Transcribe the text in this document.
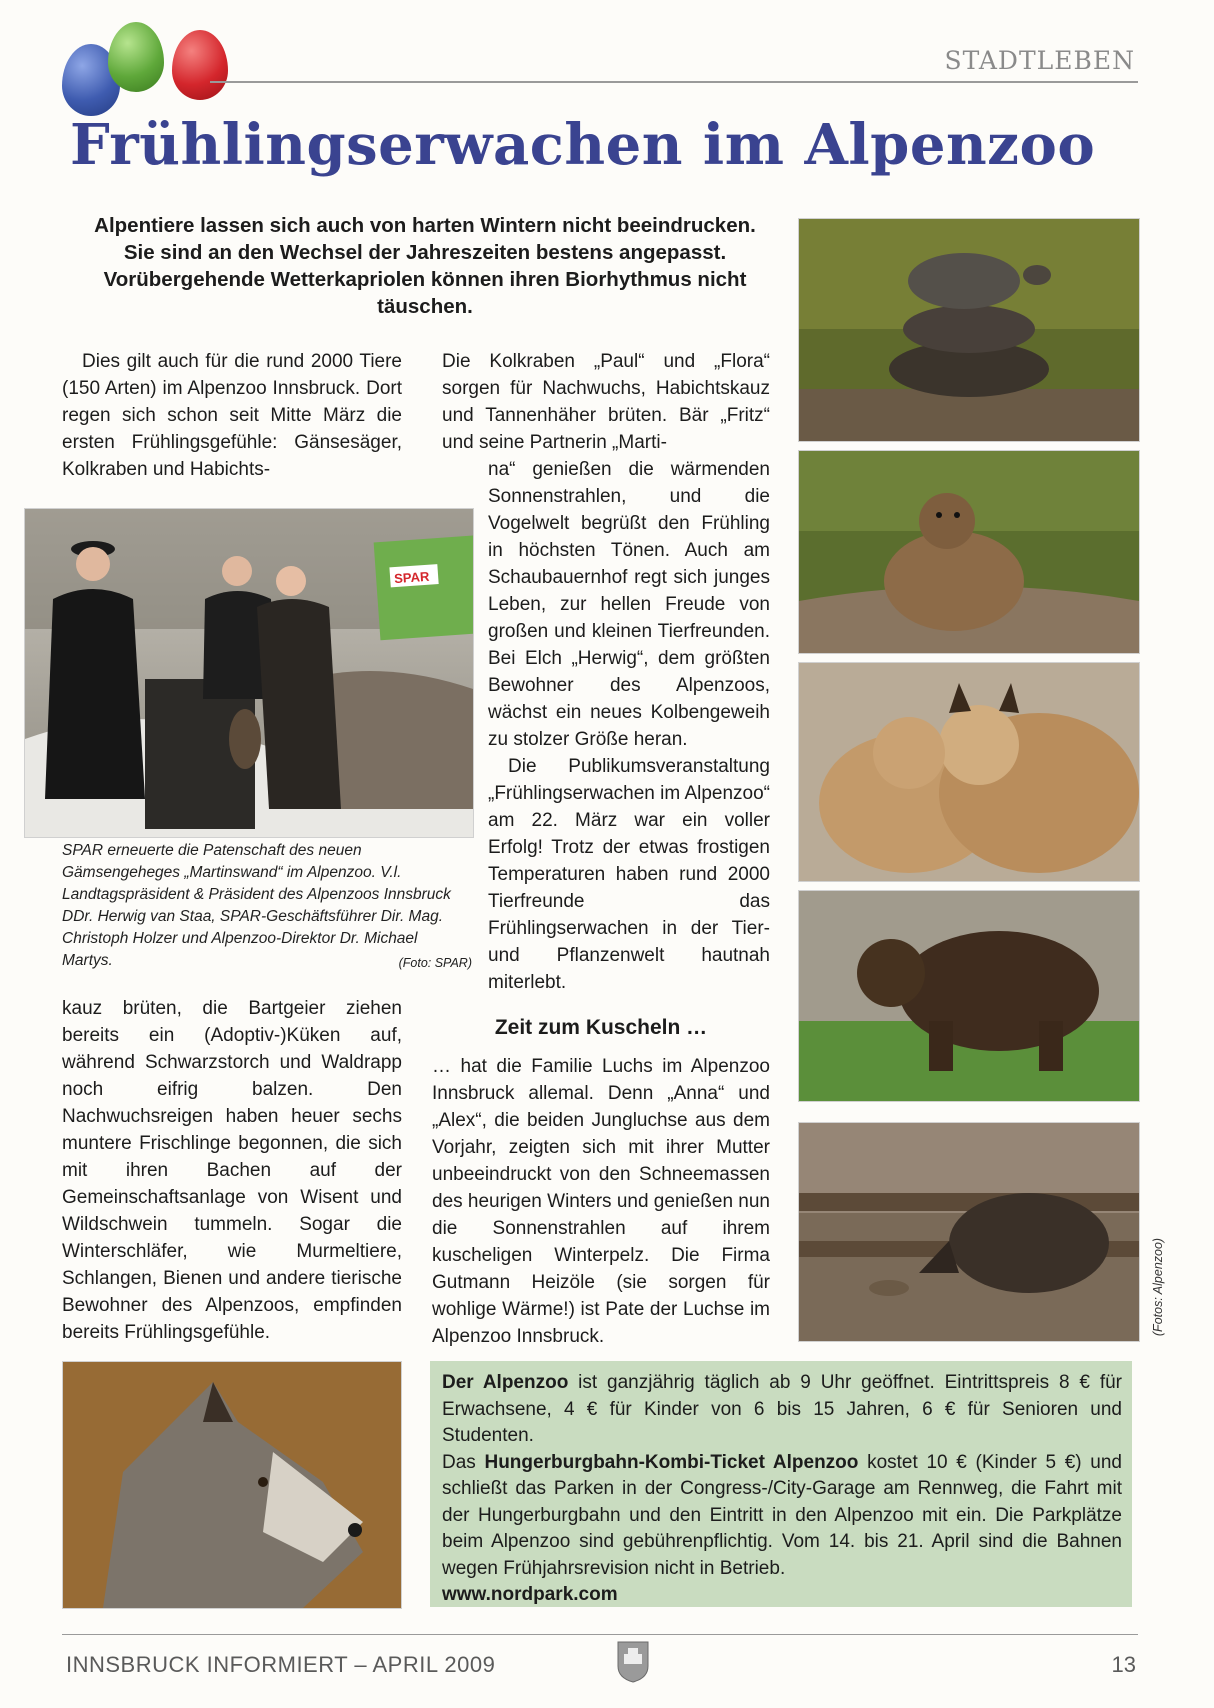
STADTLEBEN
Frühlingserwachen im Alpenzoo
Alpentiere lassen sich auch von harten Wintern nicht beeindrucken. Sie sind an den Wechsel der Jahreszeiten bestens angepasst. Vorübergehende Wetterkapriolen können ihren Biorhythmus nicht täuschen.

Dies gilt auch für die rund 2000 Tiere (150 Arten) im Alpenzoo Innsbruck. Dort regen sich schon seit Mitte März die ersten Frühlingsgefühle: Gänsesäger, Kolkraben und Habichts-

SPAR
SPAR erneuerte die Patenschaft des neuen Gämsengeheges „Martinswand“ im Alpenzoo. V.l. Landtagspräsident & Präsident des Alpenzoos Innsbruck DDr. Herwig van Staa, SPAR-Geschäftsführer Dir. Mag. Christoph Holzer und Alpenzoo-Direktor Dr. Michael Martys.	(Foto: SPAR)

kauz brüten, die Bartgeier ziehen bereits ein (Adoptiv-)Küken auf, während Schwarzstorch und Waldrapp noch eifrig balzen. Den Nachwuchsreigen haben heuer sechs muntere Frischlinge begonnen, die sich mit ihren Bachen auf der Gemeinschaftsanlage von Wisent und Wildschwein tummeln. Sogar die Winterschläfer, wie Murmeltiere, Schlangen, Bienen und andere tierische Bewohner des Alpenzoos, empfinden bereits Frühlingsgefühle.

Die Kolkraben „Paul“ und „Flora“ sorgen für Nachwuchs, Habichtskauz und Tannenhäher brüten. Bär „Fritz“ und seine Partnerin „Marti-

na“ genießen die wärmenden Sonnenstrahlen, und die Vogelwelt begrüßt den Frühling in höchsten Tönen. Auch am Schaubauernhof regt sich junges Leben, zur hellen Freude von großen und kleinen Tierfreunden. Bei Elch „Herwig“, dem größten Bewohner des Alpenzoos, wächst ein neues Kolbengeweih zu stolzer Größe heran.

Die Publikumsveranstaltung „Frühlingserwachen im Alpenzoo“ am 22. März war ein voller Erfolg! Trotz der etwas frostigen Temperaturen haben rund 2000 Tierfreunde das Frühlingserwachen in der Tier- und Pflanzenwelt hautnah miterlebt.

Zeit zum Kuscheln …

… hat die Familie Luchs im Alpenzoo Innsbruck allemal. Denn „Anna“ und „Alex“, die beiden Jungluchse aus dem Vorjahr, zeigten sich mit ihrer Mutter unbeeindruckt von den Schneemassen des heurigen Winters und genießen nun die Sonnenstrahlen auf ihrem kuscheligen Winterpelz. Die Firma Gutmann Heizöle (sie sorgen für wohlige Wärme!) ist Pate der Luchse im Alpenzoo Innsbruck.

(Fotos: Alpenzoo)

Der Alpenzoo ist ganzjährig täglich ab 9 Uhr geöffnet. Eintrittspreis 8 € für Erwachsene, 4 € für Kinder von 6 bis 15 Jahren, 6 € für Senioren und Studenten.

Das Hungerburgbahn-Kombi-Ticket Alpenzoo kostet 10 € (Kinder 5 €) und schließt das Parken in der Congress-/City-Garage am Rennweg, die Fahrt mit der Hungerburgbahn und den Eintritt in den Alpenzoo mit ein. Die Parkplätze beim Alpenzoo sind gebührenpflichtig. Vom 14. bis 21. April sind die Bahnen wegen Frühjahrsrevision nicht in Betrieb.

www.nordpark.com

INNSBRUCK INFORMIERT – APRIL 2009	13
